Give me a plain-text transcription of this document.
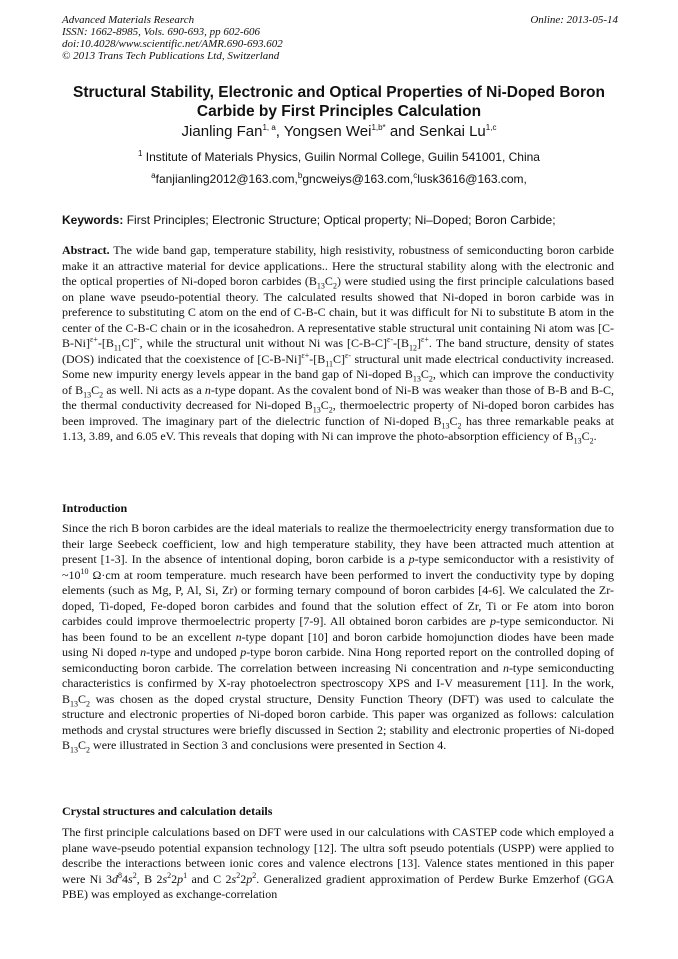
Advanced Materials Research
ISSN: 1662-8985, Vols. 690-693, pp 602-606
doi:10.4028/www.scientific.net/AMR.690-693.602
© 2013 Trans Tech Publications Ltd, Switzerland
Online: 2013-05-14
Structural Stability, Electronic and Optical Properties of Ni-Doped Boron Carbide by First Principles Calculation
Jianling Fan$^{1, a}$, Yongsen Wei$^{1,b*}$ and Senkai Lu$^{1,c}$
$^1$ Institute of Materials Physics, Guilin Normal College, Guilin 541001, China
$^a$fanjianling2012@163.com,$^b$gncweiys@163.com,$^c$lusk3616@163.com,
Keywords: First Principles; Electronic Structure; Optical property; Ni–Doped; Boron Carbide;
Abstract. The wide band gap, temperature stability, high resistivity, robustness of semiconducting boron carbide make it an attractive material for device applications.. Here the structural stability along with the electronic and the optical properties of Ni-doped boron carbides $(B_{13}C_2)$ were studied using the first principle calculations based on plane wave pseudo-potential theory. The calculated results showed that Ni-doped in boron carbide was in preference to substituting C atom on the end of C-B-C chain, but it was difficult for Ni to substitute B atom in the center of the C-B-C chain or in the icosahedron. A representative stable structural unit containing Ni atom was $[C-B-Ni]^{\varepsilon+}-[B_{11}C]^{\varepsilon-}$, while the structural unit without Ni was $[C-B-C]^{\varepsilon-}-[B_{12}]^{\varepsilon+}$. The band structure, density of states (DOS) indicated that the coexistence of $[C-B-Ni]^{\varepsilon+}-[B_{11}C]^{\varepsilon-}$ structural unit made electrical conductivity increased. Some new impurity energy levels appear in the band gap of Ni-doped $B_{13}C_2$, which can improve the conductivity of $B_{13}C_2$ as well. Ni acts as a n-type dopant. As the covalent bond of Ni-B was weaker than those of B-B and B-C, the thermal conductivity decreased for Ni-doped $B_{13}C_2$, thermoelectric property of Ni-doped boron carbides has been improved. The imaginary part of the dielectric function of Ni-doped $B_{13}C_2$ has three remarkable peaks at 1.13, 3.89, and 6.05 eV. This reveals that doping with Ni can improve the photo-absorption efficiency of $B_{13}C_2$.
Introduction
Since the rich B boron carbides are the ideal materials to realize the thermoelectricity energy transformation due to their large Seebeck coefficient, low and high temperature stability, they have been attracted much attention at present [1-3]. In the absence of intentional doping, boron carbide is a p-type semiconductor with a resistivity of $\sim 10^{10}$ Ω·cm at room temperature. much research have been performed to invert the conductivity type by doping elements (such as Mg, P, Al, Si, Zr) or forming ternary compound of boron carbides [4-6]. We calculated the Zr-doped, Ti-doped, Fe-doped boron carbides and found that the solution effect of Zr, Ti or Fe atom into boron carbides could improve thermoelectric property [7-9]. All obtained boron carbides are p-type semiconductor. Ni has been found to be an excellent n-type dopant [10] and boron carbide homojunction diodes have been made using Ni doped n-type and undoped p-type boron carbide. Nina Hong reported report on the controlled doping of semiconducting boron carbide. The correlation between increasing Ni concentration and n-type semiconducting characteristics is confirmed by X-ray photoelectron spectroscopy XPS and I-V measurement [11]. In the work, $B_{13}C_2$ was chosen as the doped crystal structure, Density Function Theory (DFT) was used to calculate the structure and electronic properties of Ni-doped boron carbide. This paper was organized as follows: calculation methods and crystal structures were briefly discussed in Section 2; stability and electronic properties of Ni-doped $B_{13}C_2$ were illustrated in Section 3 and conclusions were presented in Section 4.
Crystal structures and calculation details
The first principle calculations based on DFT were used in our calculations with CASTEP code which employed a plane wave-pseudo potential expansion technology [12]. The ultra soft pseudo potentials (USPP) were applied to describe the interactions between ionic cores and valence electrons [13]. Valence states mentioned in this paper were Ni $3d^84s^2$, B $2s^22p^1$ and C $2s^22p^2$. Generalized gradient approximation of Perdew Burke Emzerhof (GGA PBE) was employed as exchange-correlation
